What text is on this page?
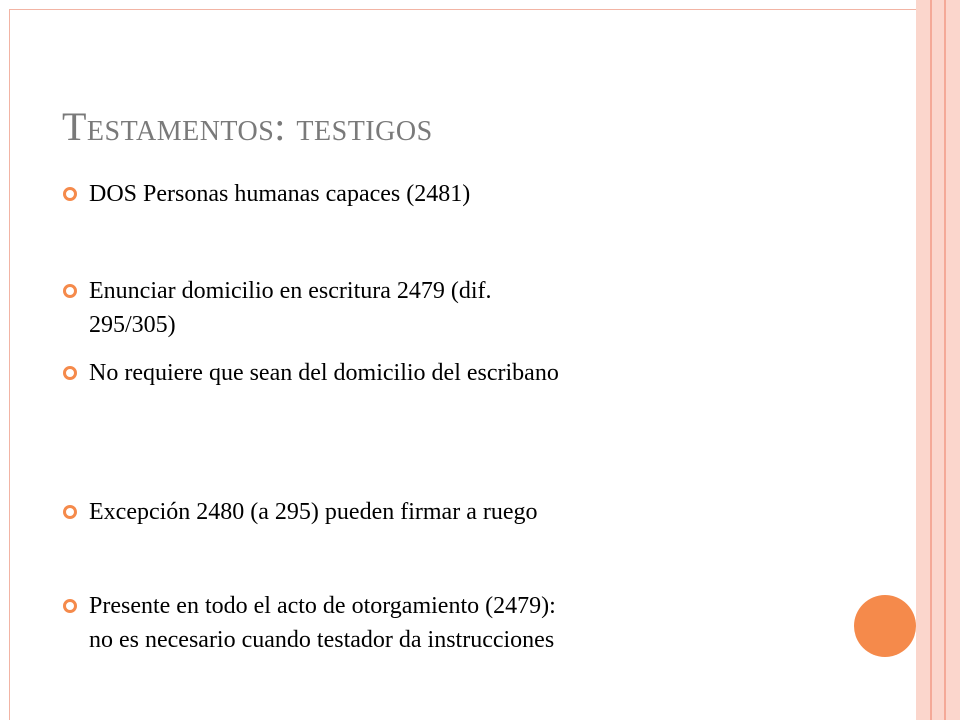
Testamentos: testigos
DOS Personas humanas capaces (2481)
Enunciar domicilio en escritura 2479 (dif.
295/305)
No requiere que sean del domicilio del escribano
Excepción 2480 (a 295) pueden firmar a ruego
Presente en todo el acto de otorgamiento (2479):
no es necesario cuando testador da instrucciones
